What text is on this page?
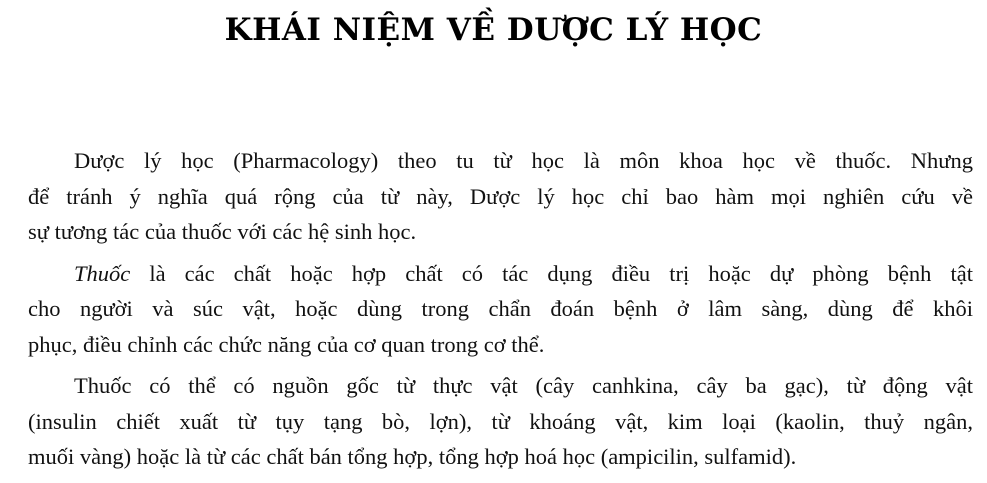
KHÁI NIỆM VỀ DƯỢC LÝ HỌC

Dược lý học (Pharmacology) theo tu từ học là môn khoa học về thuốc. Nhưng
để tránh ý nghĩa quá rộng của từ này, Dược lý học chỉ bao hàm mọi nghiên cứu về
sự tương tác của thuốc với các hệ sinh học.

Thuốc là các chất hoặc hợp chất có tác dụng điều trị hoặc dự phòng bệnh tật
cho người và súc vật, hoặc dùng trong chẩn đoán bệnh ở lâm sàng, dùng để khôi
phục, điều chỉnh các chức năng của cơ quan trong cơ thể.

Thuốc có thể có nguồn gốc từ thực vật (cây canhkina, cây ba gạc), từ động vật
(insulin chiết xuất từ tụy tạng bò, lợn), từ khoáng vật, kim loại (kaolin, thuỷ ngân,
muối vàng) hoặc là từ các chất bán tổng hợp, tổng hợp hoá học (ampicilin, sulfamid).
